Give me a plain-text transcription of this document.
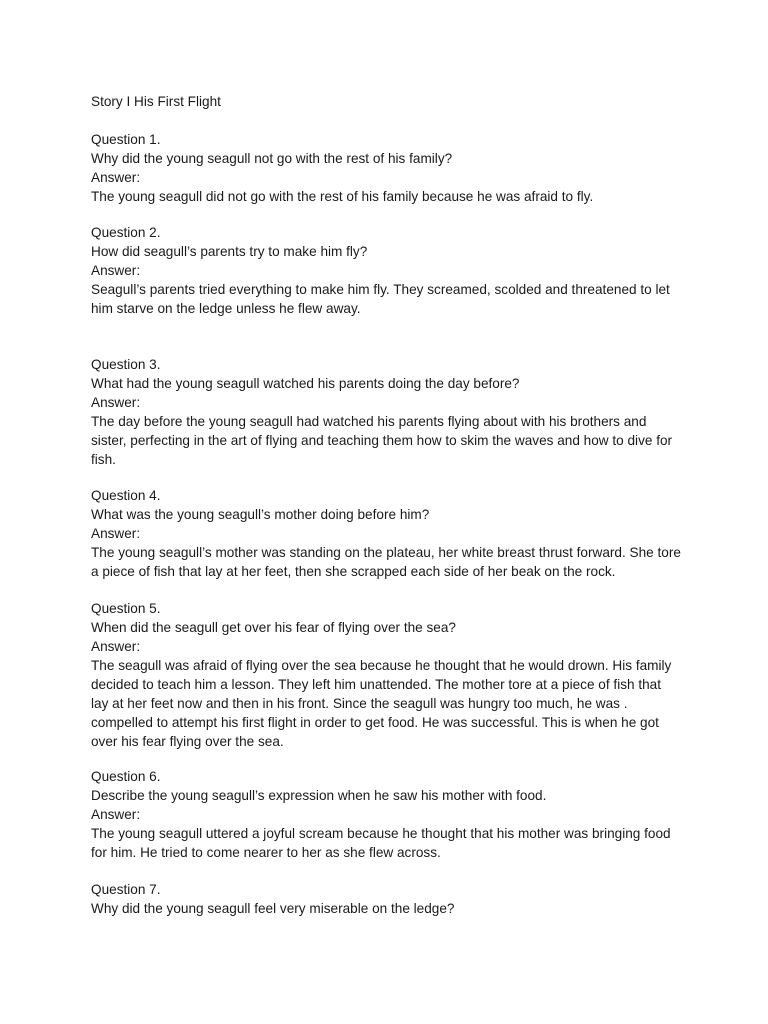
Story I His First Flight

Question 1.

Why did the young seagull not go with the rest of his family?

Answer:

The young seagull did not go with the rest of his family because he was afraid to fly.

Question 2.

How did seagull’s parents try to make him fly?

Answer:

Seagull’s parents tried everything to make him fly. They screamed, scolded and threatened to let him starve on the ledge unless he flew away.

Question 3.

What had the young seagull watched his parents doing the day before?

Answer:

The day before the young seagull had watched his parents flying about with his brothers and sister, perfecting in the art of flying and teaching them how to skim the waves and how to dive for fish.

Question 4.

What was the young seagull’s mother doing before him?

Answer:

The young seagull’s mother was standing on the plateau, her white breast thrust forward. She tore a piece of fish that lay at her feet, then she scrapped each side of her beak on the rock.

Question 5.

When did the seagull get over his fear of flying over the sea?

Answer:

The seagull was afraid of flying over the sea because he thought that he would drown. His family decided to teach him a lesson. They left him unattended. The mother tore at a piece of fish that lay at her feet now and then in his front. Since the seagull was hungry too much, he was . compelled to attempt his first flight in order to get food. He was successful. This is when he got over his fear flying over the sea.

Question 6.

Describe the young seagull’s expression when he saw his mother with food.

Answer:

The young seagull uttered a joyful scream because he thought that his mother was bringing food for him. He tried to come nearer to her as she flew across.

Question 7.

Why did the young seagull feel very miserable on the ledge?
